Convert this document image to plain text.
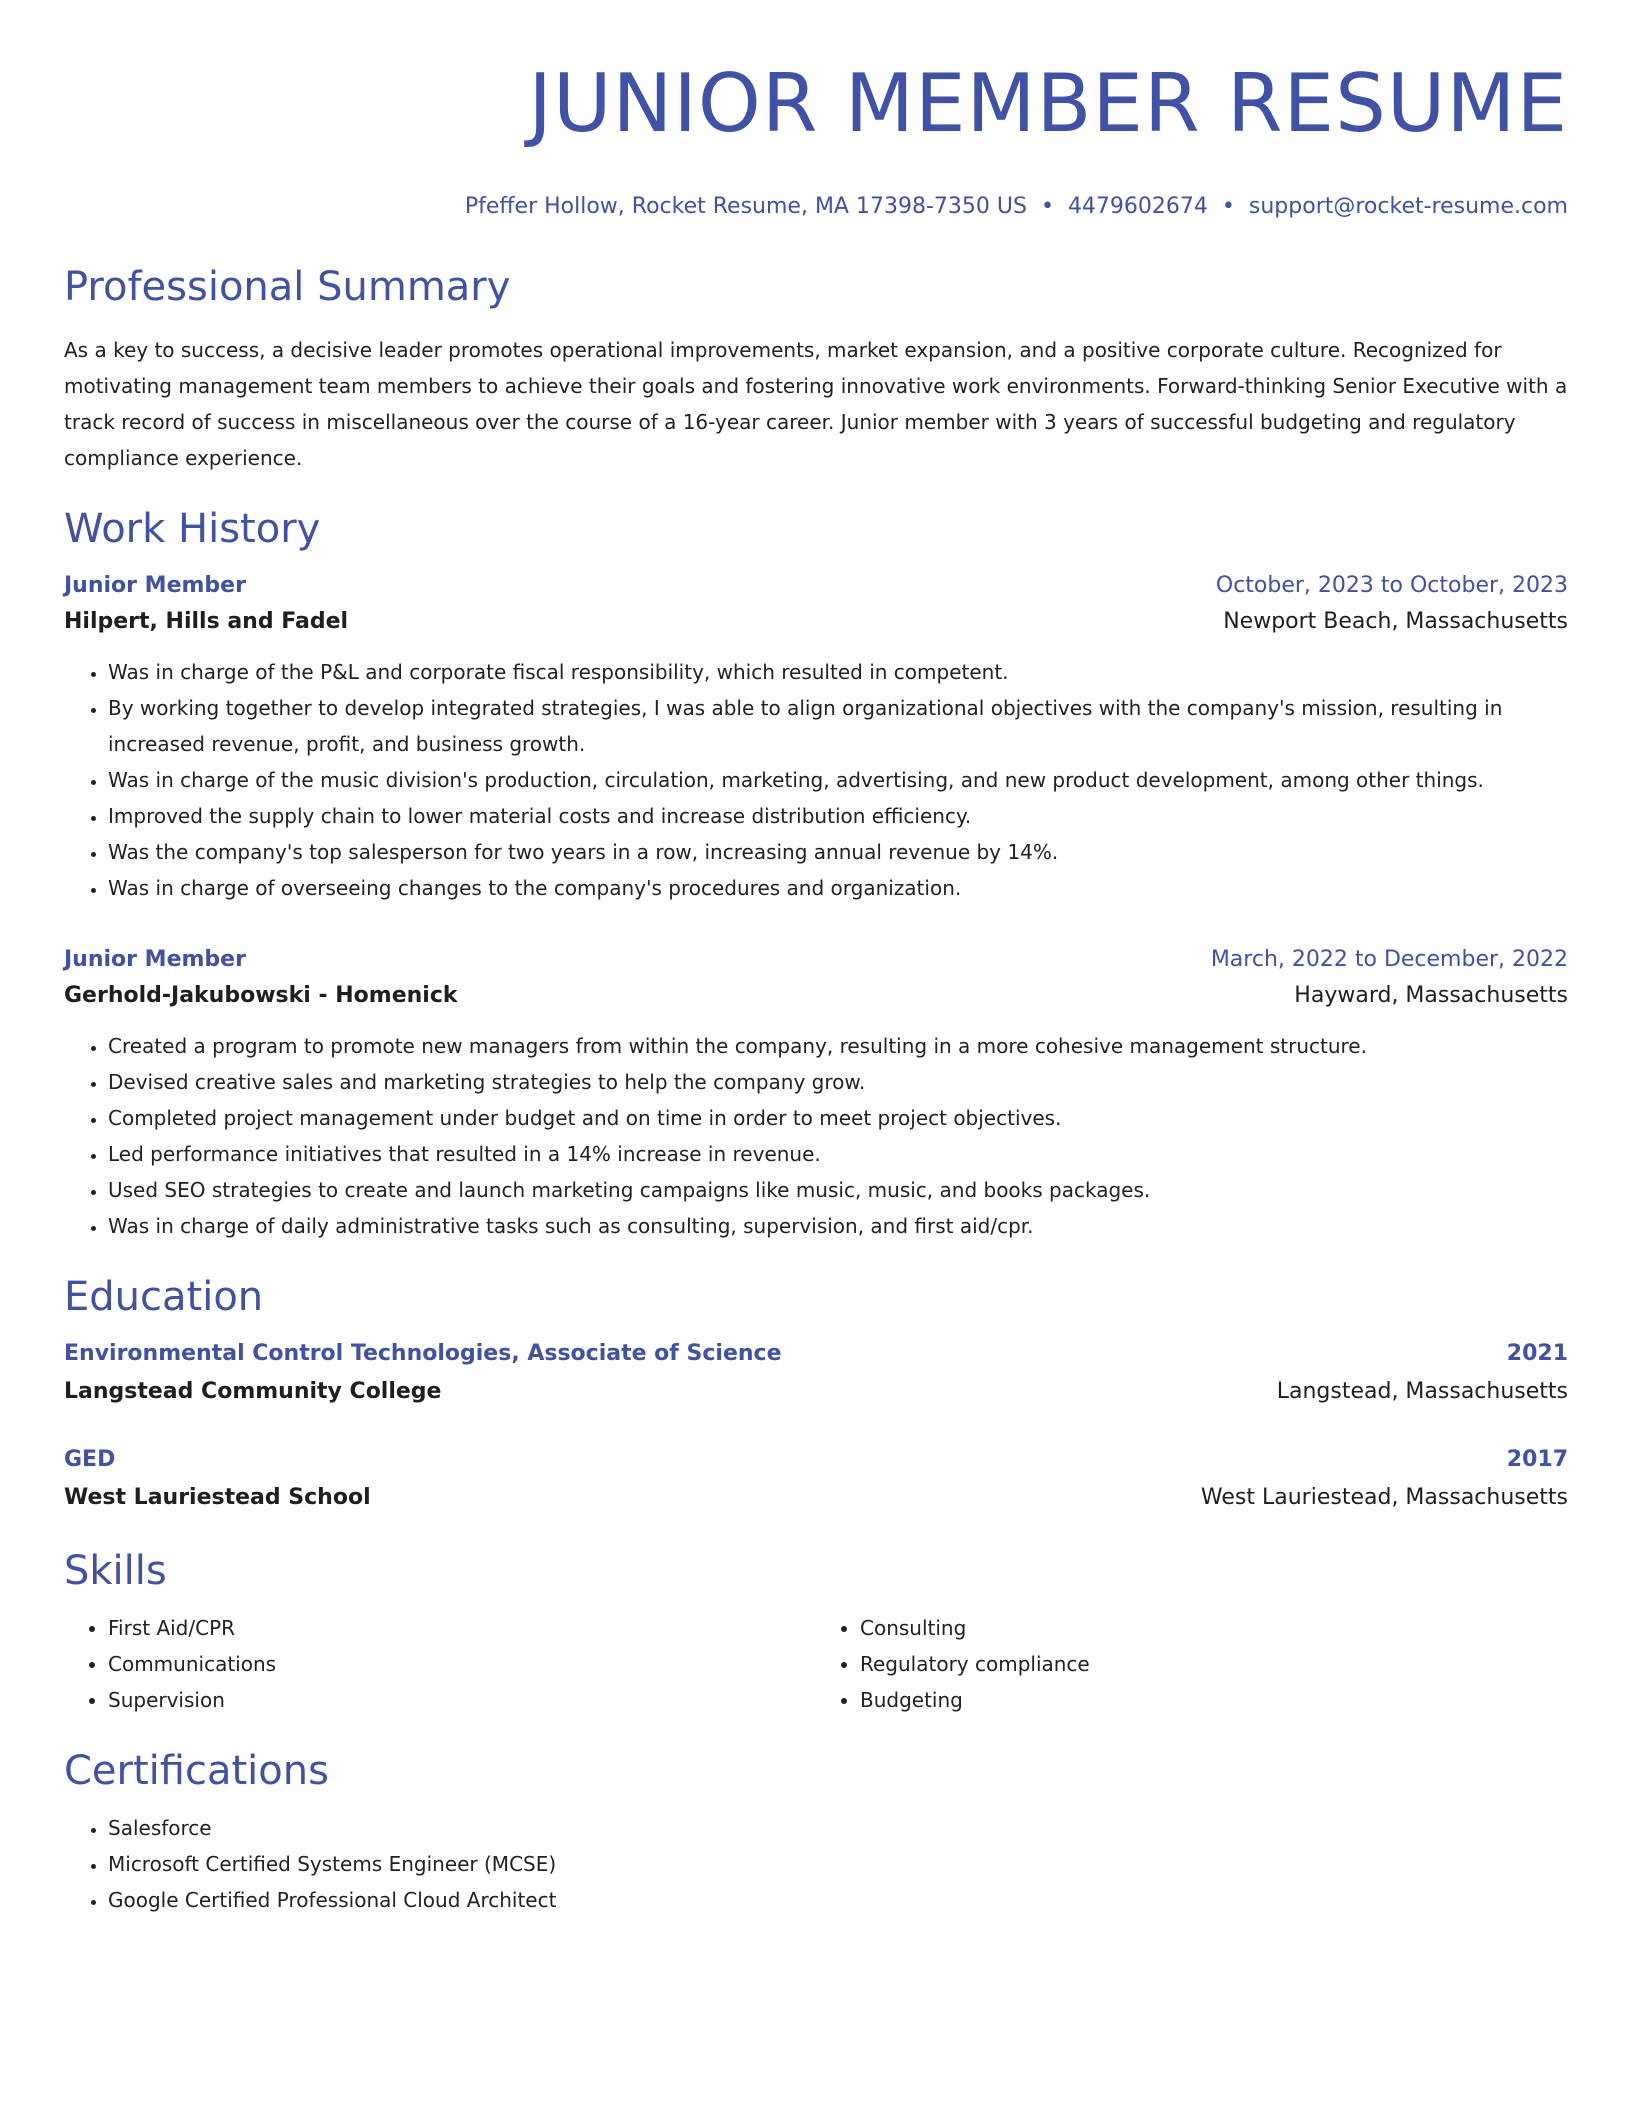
JUNIOR MEMBER RESUME
Pfeffer Hollow, Rocket Resume, MA 17398-7350 US • 4479602674 • support@rocket-resume.com
Professional Summary
As a key to success, a decisive leader promotes operational improvements, market expansion, and a positive corporate culture. Recognized for motivating management team members to achieve their goals and fostering innovative work environments. Forward-thinking Senior Executive with a track record of success in miscellaneous over the course of a 16-year career. Junior member with 3 years of successful budgeting and regulatory compliance experience.
Work History
Junior Member	October, 2023 to October, 2023
Hilpert, Hills and Fadel	Newport Beach, Massachusetts
• Was in charge of the P&L and corporate fiscal responsibility, which resulted in competent.
• By working together to develop integrated strategies, I was able to align organizational objectives with the company's mission, resulting in increased revenue, profit, and business growth.
• Was in charge of the music division's production, circulation, marketing, advertising, and new product development, among other things.
• Improved the supply chain to lower material costs and increase distribution efficiency.
• Was the company's top salesperson for two years in a row, increasing annual revenue by 14%.
• Was in charge of overseeing changes to the company's procedures and organization.
Junior Member	March, 2022 to December, 2022
Gerhold-Jakubowski - Homenick	Hayward, Massachusetts
• Created a program to promote new managers from within the company, resulting in a more cohesive management structure.
• Devised creative sales and marketing strategies to help the company grow.
• Completed project management under budget and on time in order to meet project objectives.
• Led performance initiatives that resulted in a 14% increase in revenue.
• Used SEO strategies to create and launch marketing campaigns like music, music, and books packages.
• Was in charge of daily administrative tasks such as consulting, supervision, and first aid/cpr.
Education
Environmental Control Technologies, Associate of Science	2021
Langstead Community College	Langstead, Massachusetts
GED	2017
West Lauriestead School	West Lauriestead, Massachusetts
Skills
• First Aid/CPR
• Communications
• Supervision
• Consulting
• Regulatory compliance
• Budgeting
Certifications
• Salesforce
• Microsoft Certified Systems Engineer (MCSE)
• Google Certified Professional Cloud Architect
